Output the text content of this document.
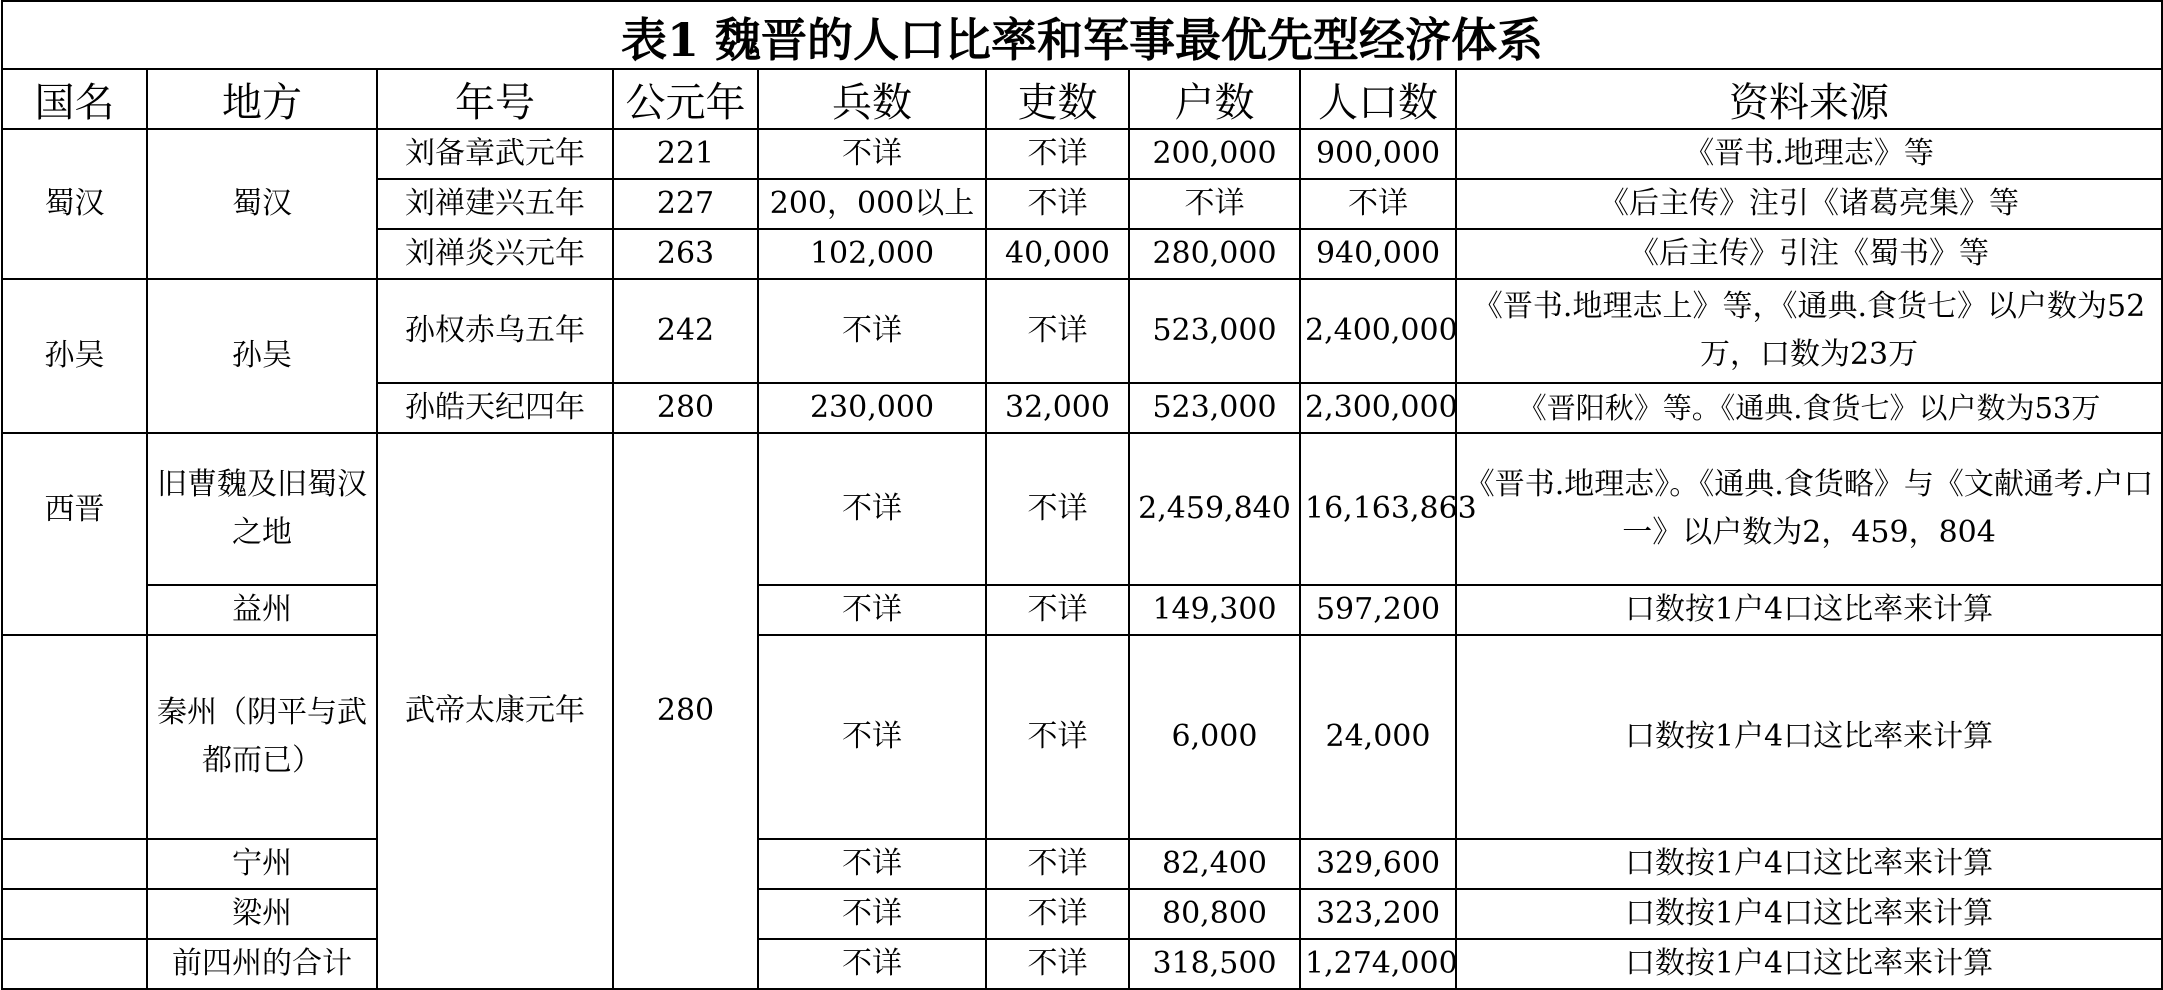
表1 魏晋的人口比率和军事最优先型经济体系								
国名	地方	年号	公元年	兵数	吏数	户数	人口数	资料来源
蜀汉	蜀汉	刘备章武元年	221	不详	不详	200,000	900,000	《晋书.地理志》等
		刘禅建兴五年	227	200，000以上	不详	不详	不详	《后主传》注引《诸葛亮集》等
		刘禅炎兴元年	263	102,000	40,000	280,000	940,000	《后主传》引注《蜀书》等
孙吴	孙吴	孙权赤乌五年	242	不详	不详	523,000	2,400,000	《晋书.地理志上》等，《通典.食货七》以户数为52万，口数为23万
		孙皓天纪四年	280	230,000	32,000	523,000	2,300,000	《晋阳秋》等。《通典.食货七》以户数为53万
西晋	旧曹魏及旧蜀汉之地	武帝太康元年	280	不详	不详	2,459,840	16,163,863	《晋书.地理志》。《通典.食货略》与《文献通考.户口一》以户数为2，459，804
	益州			不详	不详	149,300	597,200	口数按1户4口这比率来计算
	秦州（阴平与武都而已）			不详	不详	6,000	24,000	口数按1户4口这比率来计算
	宁州			不详	不详	82,400	329,600	口数按1户4口这比率来计算
	梁州			不详	不详	80,800	323,200	口数按1户4口这比率来计算
	前四州的合计			不详	不详	318,500	1,274,000	口数按1户4口这比率来计算
